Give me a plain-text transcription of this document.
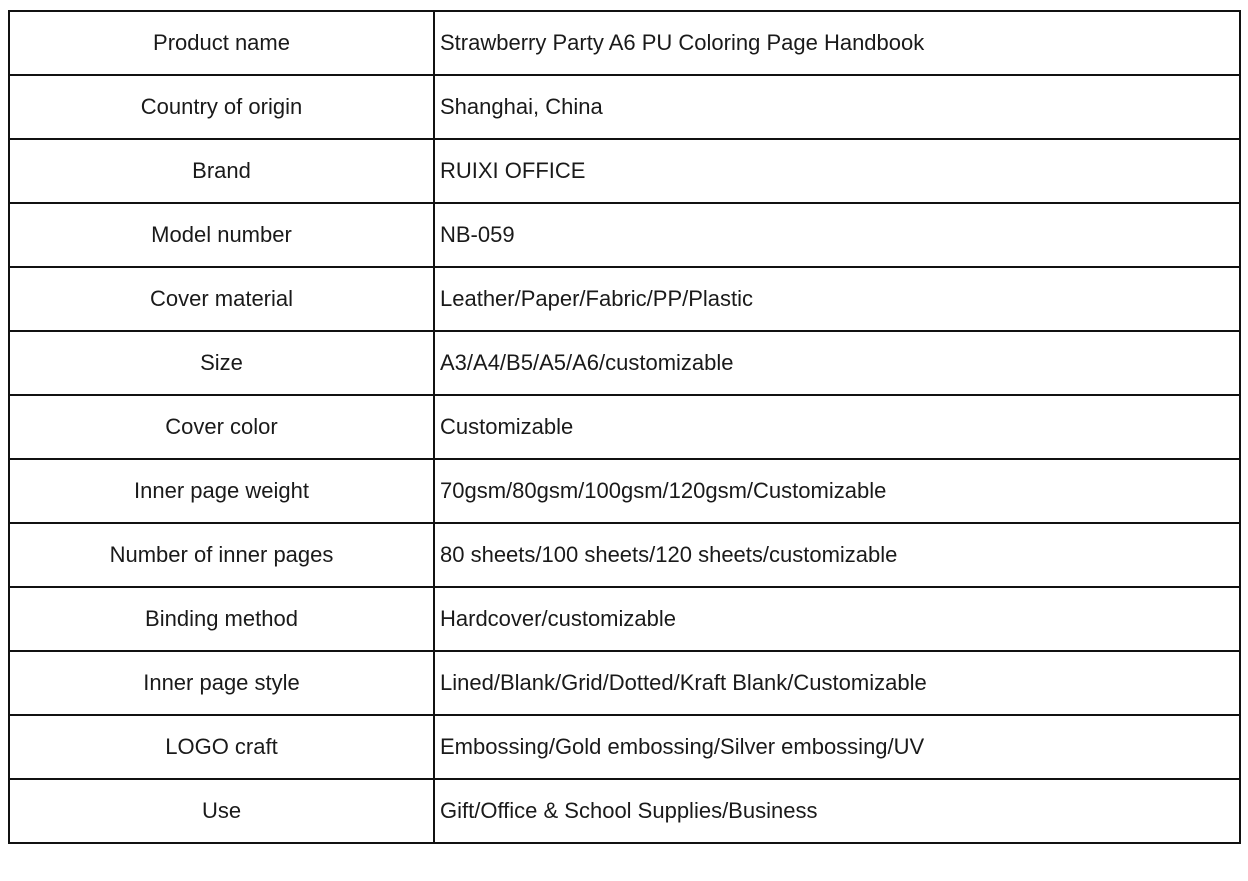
Product name	Strawberry Party A6 PU Coloring Page Handbook
Country of origin	Shanghai, China
Brand	RUIXI OFFICE
Model number	NB-059
Cover material	Leather/Paper/Fabric/PP/Plastic
Size	A3/A4/B5/A5/A6/customizable
Cover color	Customizable
Inner page weight	70gsm/80gsm/100gsm/120gsm/Customizable
Number of inner pages	80 sheets/100 sheets/120 sheets/customizable
Binding method	Hardcover/customizable
Inner page style	Lined/Blank/Grid/Dotted/Kraft Blank/Customizable
LOGO craft	Embossing/Gold embossing/Silver embossing/UV
Use	Gift/Office & School Supplies/Business
